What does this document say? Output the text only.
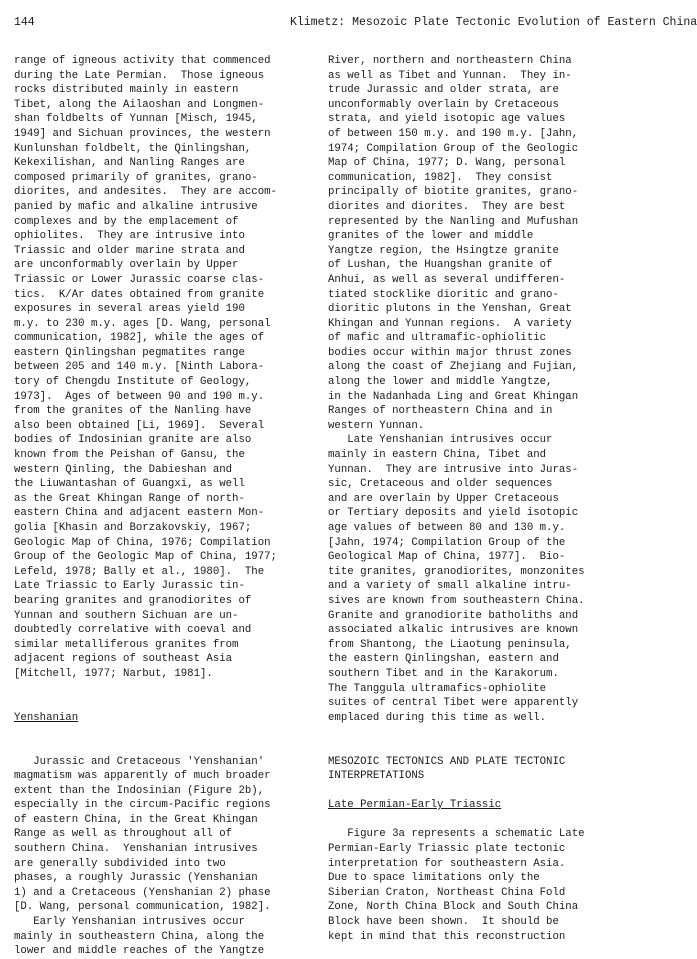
144	Klimetz: Mesozoic Plate Tectonic Evolution of Eastern China
range of igneous activity that commenced
during the Late Permian.  Those igneous
rocks distributed mainly in eastern
Tibet, along the Ailaoshan and Longmen-
shan foldbelts of Yunnan [Misch, 1945,
1949] and Sichuan provinces, the western
Kunlunshan foldbelt, the Qinlingshan,
Kekexilishan, and Nanling Ranges are
composed primarily of granites, grano-
diorites, and andesites.  They are accom-
panied by mafic and alkaline intrusive
complexes and by the emplacement of
ophiolites.  They are intrusive into
Triassic and older marine strata and
are unconformably overlain by Upper
Triassic or Lower Jurassic coarse clas-
tics.  K/Ar dates obtained from granite
exposures in several areas yield 190
m.y. to 230 m.y. ages [D. Wang, personal
communication, 1982], while the ages of
eastern Qinlingshan pegmatites range
between 205 and 140 m.y. [Ninth Labora-
tory of Chengdu Institute of Geology,
1973].  Ages of between 90 and 190 m.y.
from the granites of the Nanling have
also been obtained [Li, 1969].  Several
bodies of Indosinian granite are also
known from the Peishan of Gansu, the
western Qinling, the Dabieshan and
the Liuwantashan of Guangxi, as well
as the Great Khingan Range of north-
eastern China and adjacent eastern Mon-
golia [Khasin and Borzakovskiy, 1967;
Geologic Map of China, 1976; Compilation
Group of the Geologic Map of China, 1977;
Lefeld, 1978; Bally et al., 1980].  The
Late Triassic to Early Jurassic tin-
bearing granites and granodiorites of
Yunnan and southern Sichuan are un-
doubtedly correlative with coeval and
similar metalliferous granites from
adjacent regions of southeast Asia
[Mitchell, 1977; Narbut, 1981].
Yenshanian
Jurassic and Cretaceous 'Yenshanian'
magmatism was apparently of much broader
extent than the Indosinian (Figure 2b),
especially in the circum-Pacific regions
of eastern China, in the Great Khingan
Range as well as throughout all of
southern China.  Yenshanian intrusives
are generally subdivided into two
phases, a roughly Jurassic (Yenshanian
1) and a Cretaceous (Yenshanian 2) phase
[D. Wang, personal communication, 1982].
Early Yenshanian intrusives occur
mainly in southeastern China, along the
lower and middle reaches of the Yangtze
River, northern and northeastern China
as well as Tibet and Yunnan.  They in-
trude Jurassic and older strata, are
unconformably overlain by Cretaceous
strata, and yield isotopic age values
of between 150 m.y. and 190 m.y. [Jahn,
1974; Compilation Group of the Geologic
Map of China, 1977; D. Wang, personal
communication, 1982].  They consist
principally of biotite granites, grano-
diorites and diorites.  They are best
represented by the Nanling and Mufushan
granites of the lower and middle
Yangtze region, the Hsingtze granite
of Lushan, the Huangshan granite of
Anhui, as well as several undifferen-
tiated stocklike dioritic and grano-
dioritic plutons in the Yenshan, Great
Khingan and Yunnan regions.  A variety
of mafic and ultramafic-ophiolitic
bodies occur within major thrust zones
along the coast of Zhejiang and Fujian,
along the lower and middle Yangtze,
in the Nadanhada Ling and Great Khingan
Ranges of northeastern China and in
western Yunnan.
Late Yenshanian intrusives occur
mainly in eastern China, Tibet and
Yunnan.  They are intrusive into Juras-
sic, Cretaceous and older sequences
and are overlain by Upper Cretaceous
or Tertiary deposits and yield isotopic
age values of between 80 and 130 m.y.
[Jahn, 1974; Compilation Group of the
Geological Map of China, 1977].  Bio-
tite granites, granodiorites, monzonites
and a variety of small alkaline intru-
sives are known from southeastern China.
Granite and granodiorite batholiths and
associated alkalic intrusives are known
from Shantong, the Liaotung peninsula,
the eastern Qinlingshan, eastern and
southern Tibet and in the Karakorum.
The Tanggula ultramafics-ophiolite
suites of central Tibet were apparently
emplaced during this time as well.
MESOZOIC TECTONICS AND PLATE TECTONIC
INTERPRETATIONS
Late Permian-Early Triassic
Figure 3a represents a schematic Late
Permian-Early Triassic plate tectonic
interpretation for southeastern Asia.
Due to space limitations only the
Siberian Craton, Northeast China Fold
Zone, North China Block and South China
Block have been shown.  It should be
kept in mind that this reconstruction
